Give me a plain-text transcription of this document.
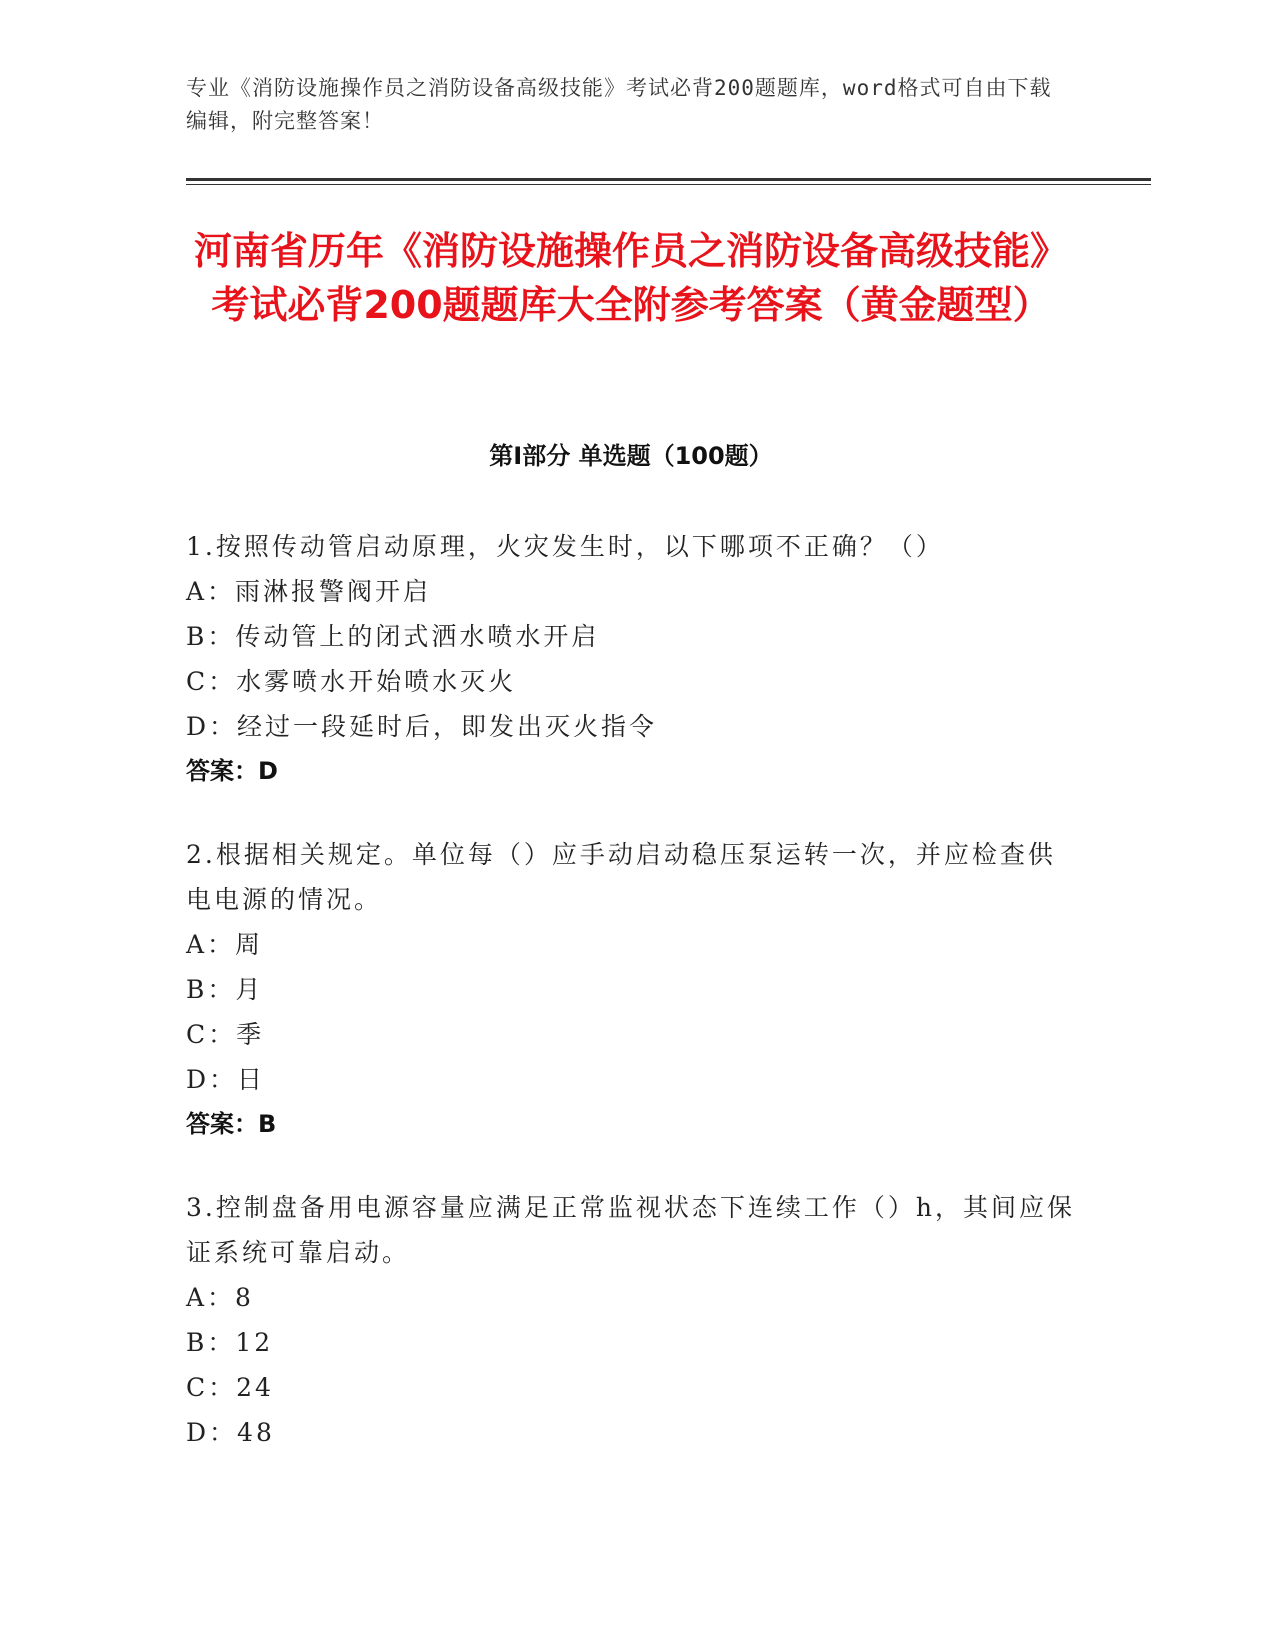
专业《消防设施操作员之消防设备高级技能》考试必背200题题库，word格式可自由下载编辑，附完整答案！
河南省历年《消防设施操作员之消防设备高级技能》考试必背200题题库大全附参考答案（黄金题型）
第Ⅰ部分 单选题（100题）
1.按照传动管启动原理，火灾发生时，以下哪项不正确？（）
A：雨淋报警阀开启
B：传动管上的闭式洒水喷水开启
C：水雾喷水开始喷水灭火
D：经过一段延时后，即发出灭火指令
答案：D
2.根据相关规定。单位每（）应手动启动稳压泵运转一次，并应检查供电电源的情况。
A：周
B：月
C：季
D：日
答案：B
3.控制盘备用电源容量应满足正常监视状态下连续工作（）h，其间应保证系统可靠启动。
A：8
B：12
C：24
D：48
